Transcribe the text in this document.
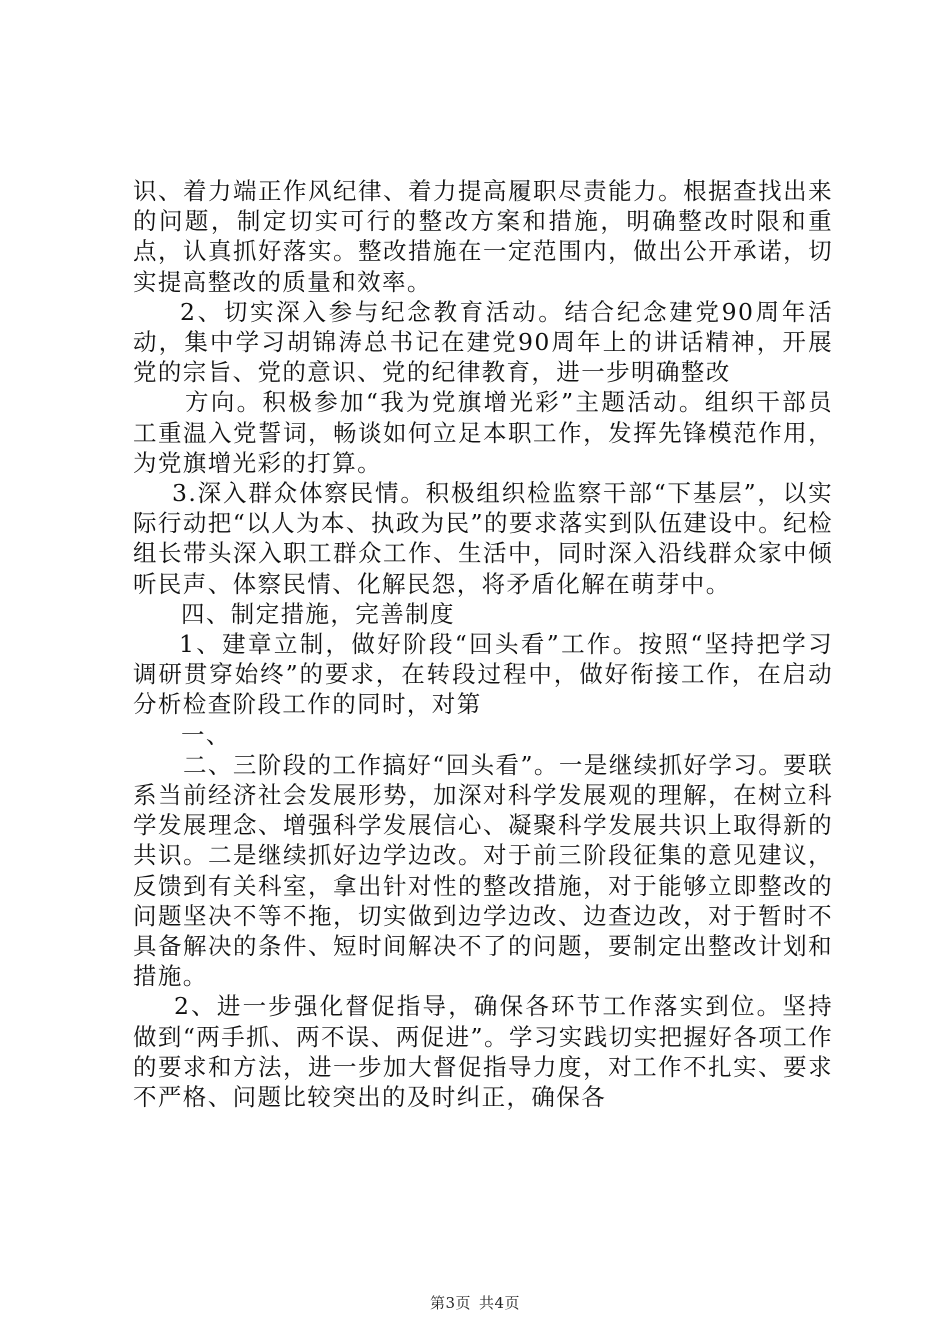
识、着力端正作风纪律、着力提高履职尽责能力。根据查找出来的问题，制定切实可行的整改方案和措施，明确整改时限和重点，认真抓好落实。整改措施在一定范围内，做出公开承诺，切实提高整改的质量和效率。

2、切实深入参与纪念教育活动。结合纪念建党90周年活动，集中学习胡锦涛总书记在建党90周年上的讲话精神，开展党的宗旨、党的意识、党的纪律教育，进一步明确整改

方向。积极参加“我为党旗增光彩”主题活动。组织干部员工重温入党誓词，畅谈如何立足本职工作，发挥先锋模范作用，为党旗增光彩的打算。

3.深入群众体察民情。积极组织检监察干部“下基层”，以实际行动把“以人为本、执政为民”的要求落实到队伍建设中。纪检组长带头深入职工群众工作、生活中，同时深入沿线群众家中倾听民声、体察民情、化解民怨，将矛盾化解在萌芽中。

四、制定措施，完善制度

1、建章立制，做好阶段“回头看”工作。按照“坚持把学习调研贯穿始终”的要求，在转段过程中，做好衔接工作，在启动分析检查阶段工作的同时，对第

一、

二、三阶段的工作搞好“回头看”。一是继续抓好学习。要联系当前经济社会发展形势，加深对科学发展观的理解，在树立科学发展理念、增强科学发展信心、凝聚科学发展共识上取得新的共识。二是继续抓好边学边改。对于前三阶段征集的意见建议，反馈到有关科室，拿出针对性的整改措施，对于能够立即整改的问题坚决不等不拖，切实做到边学边改、边查边改，对于暂时不具备解决的条件、短时间解决不了的问题，要制定出整改计划和措施。

2、进一步强化督促指导，确保各环节工作落实到位。坚持做到“两手抓、两不误、两促进”。学习实践切实把握好各项工作的要求和方法，进一步加大督促指导力度，对工作不扎实、要求不严格、问题比较突出的及时纠正，确保各

第3页 共4页
